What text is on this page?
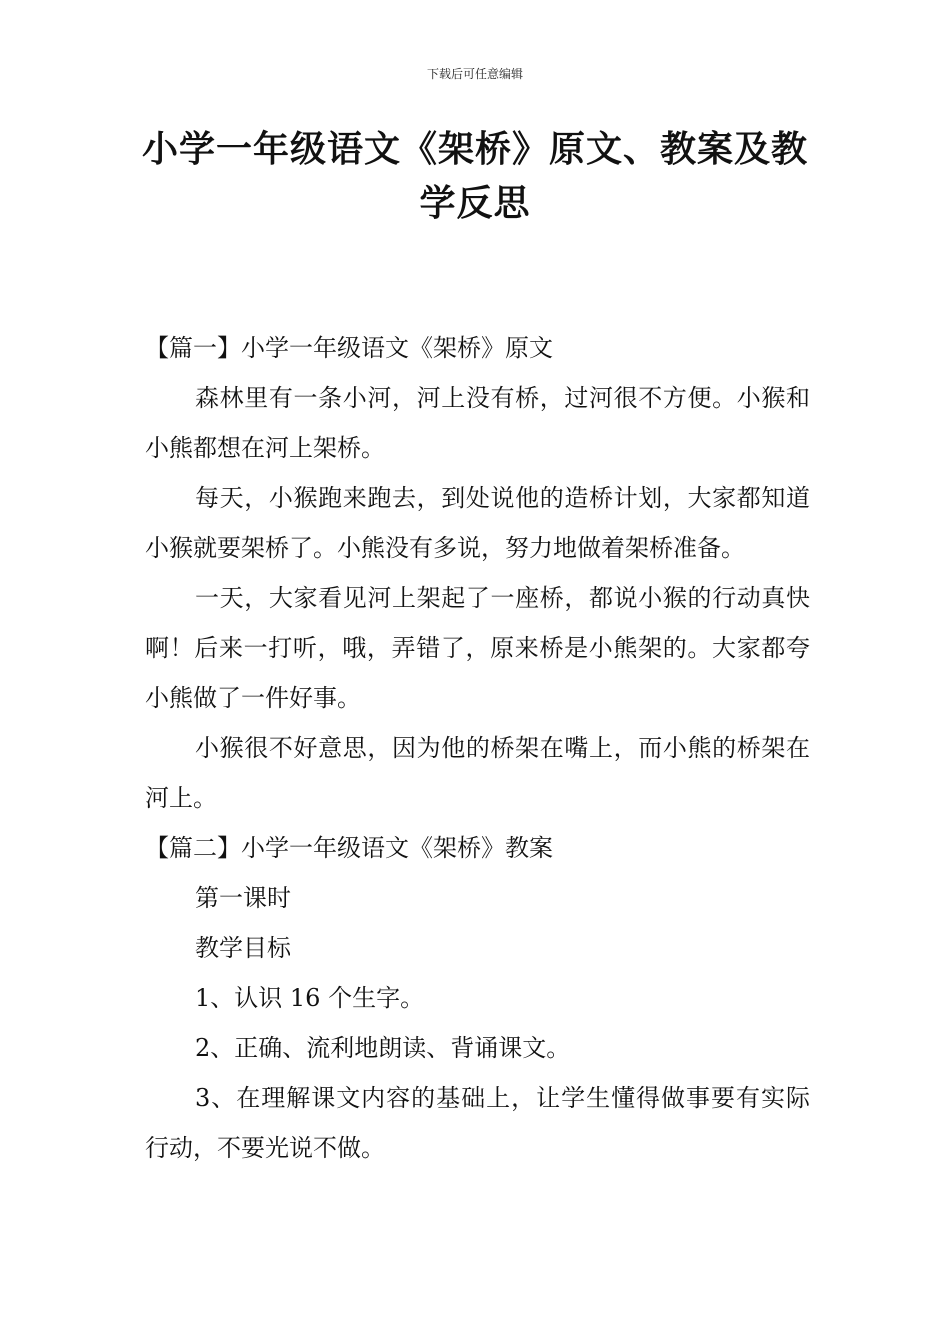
下载后可任意编辑
小学一年级语文《架桥》原文、教案及教学反思

【篇一】小学一年级语文《架桥》原文

森林里有一条小河，河上没有桥，过河很不方便。小猴和小熊都想在河上架桥。

每天，小猴跑来跑去，到处说他的造桥计划，大家都知道小猴就要架桥了。小熊没有多说，努力地做着架桥准备。

一天，大家看见河上架起了一座桥，都说小猴的行动真快啊！后来一打听，哦，弄错了，原来桥是小熊架的。大家都夸小熊做了一件好事。

小猴很不好意思，因为他的桥架在嘴上，而小熊的桥架在河上。

【篇二】小学一年级语文《架桥》教案

第一课时

教学目标

1、认识 16 个生字。

2、正确、流利地朗读、背诵课文。

3、在理解课文内容的基础上，让学生懂得做事要有实际行动，不要光说不做。
